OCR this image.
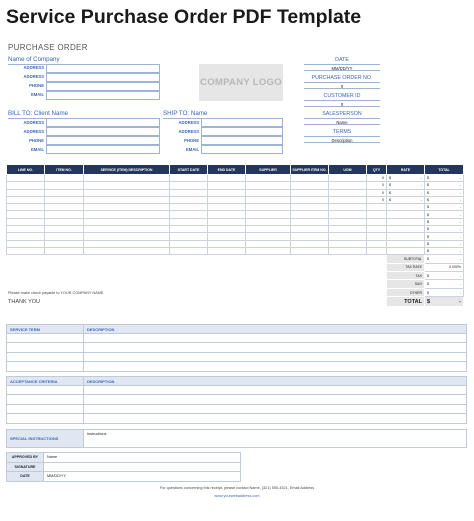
Service Purchase Order PDF Template
PURCHASE ORDER
Name of Company
ADDRESS
ADDRESS
PHONE
EMAIL
COMPANY LOGO
DATE
MM/DD/YY
PURCHASE ORDER NO.
0
CUSTOMER ID
0
SALESPERSON
Name
TERMS
Description
BILL TO: Client Name
ADDRESS
ADDRESS
PHONE
EMAIL
SHIP TO: Name
ADDRESS
ADDRESS
PHONE
EMAIL
LINE NO.	ITEM NO.	SERVICE (ITEM) DESCRIPTION	START DATE	END DATE	SUPPLIER	SUPPLIER ITEM NO.	UOM	QTY	RATE	TOTAL
								0	$ -	$ -

								0	$ -	$ -

								0	$ -	$ -

								0	$ -	$ -

										$ -

										$ -

										$ -

										$ -

										$ -

										$ -

										$ -

									SUBTOTAL	$ -

									TAX RATE	0.000%
									TAX	$ -

									S&H	$ -

									OTHER	$ -

									TOTAL	$ -
Please make check payable to YOUR COMPANY NAME.
THANK YOU
SERVICE TERM	DESCRIPTION

ACCEPTANCE CRITERIA	DESCRIPTION

SPECIAL INSTRUCTIONS	Instructions
APPROVED BY	Name
SIGNATURE	
DATE	MM/DD/YY
For questions concerning this receipt, please contact Name, (321) 555-4321, Email Address
www.yourwebaddress.com
